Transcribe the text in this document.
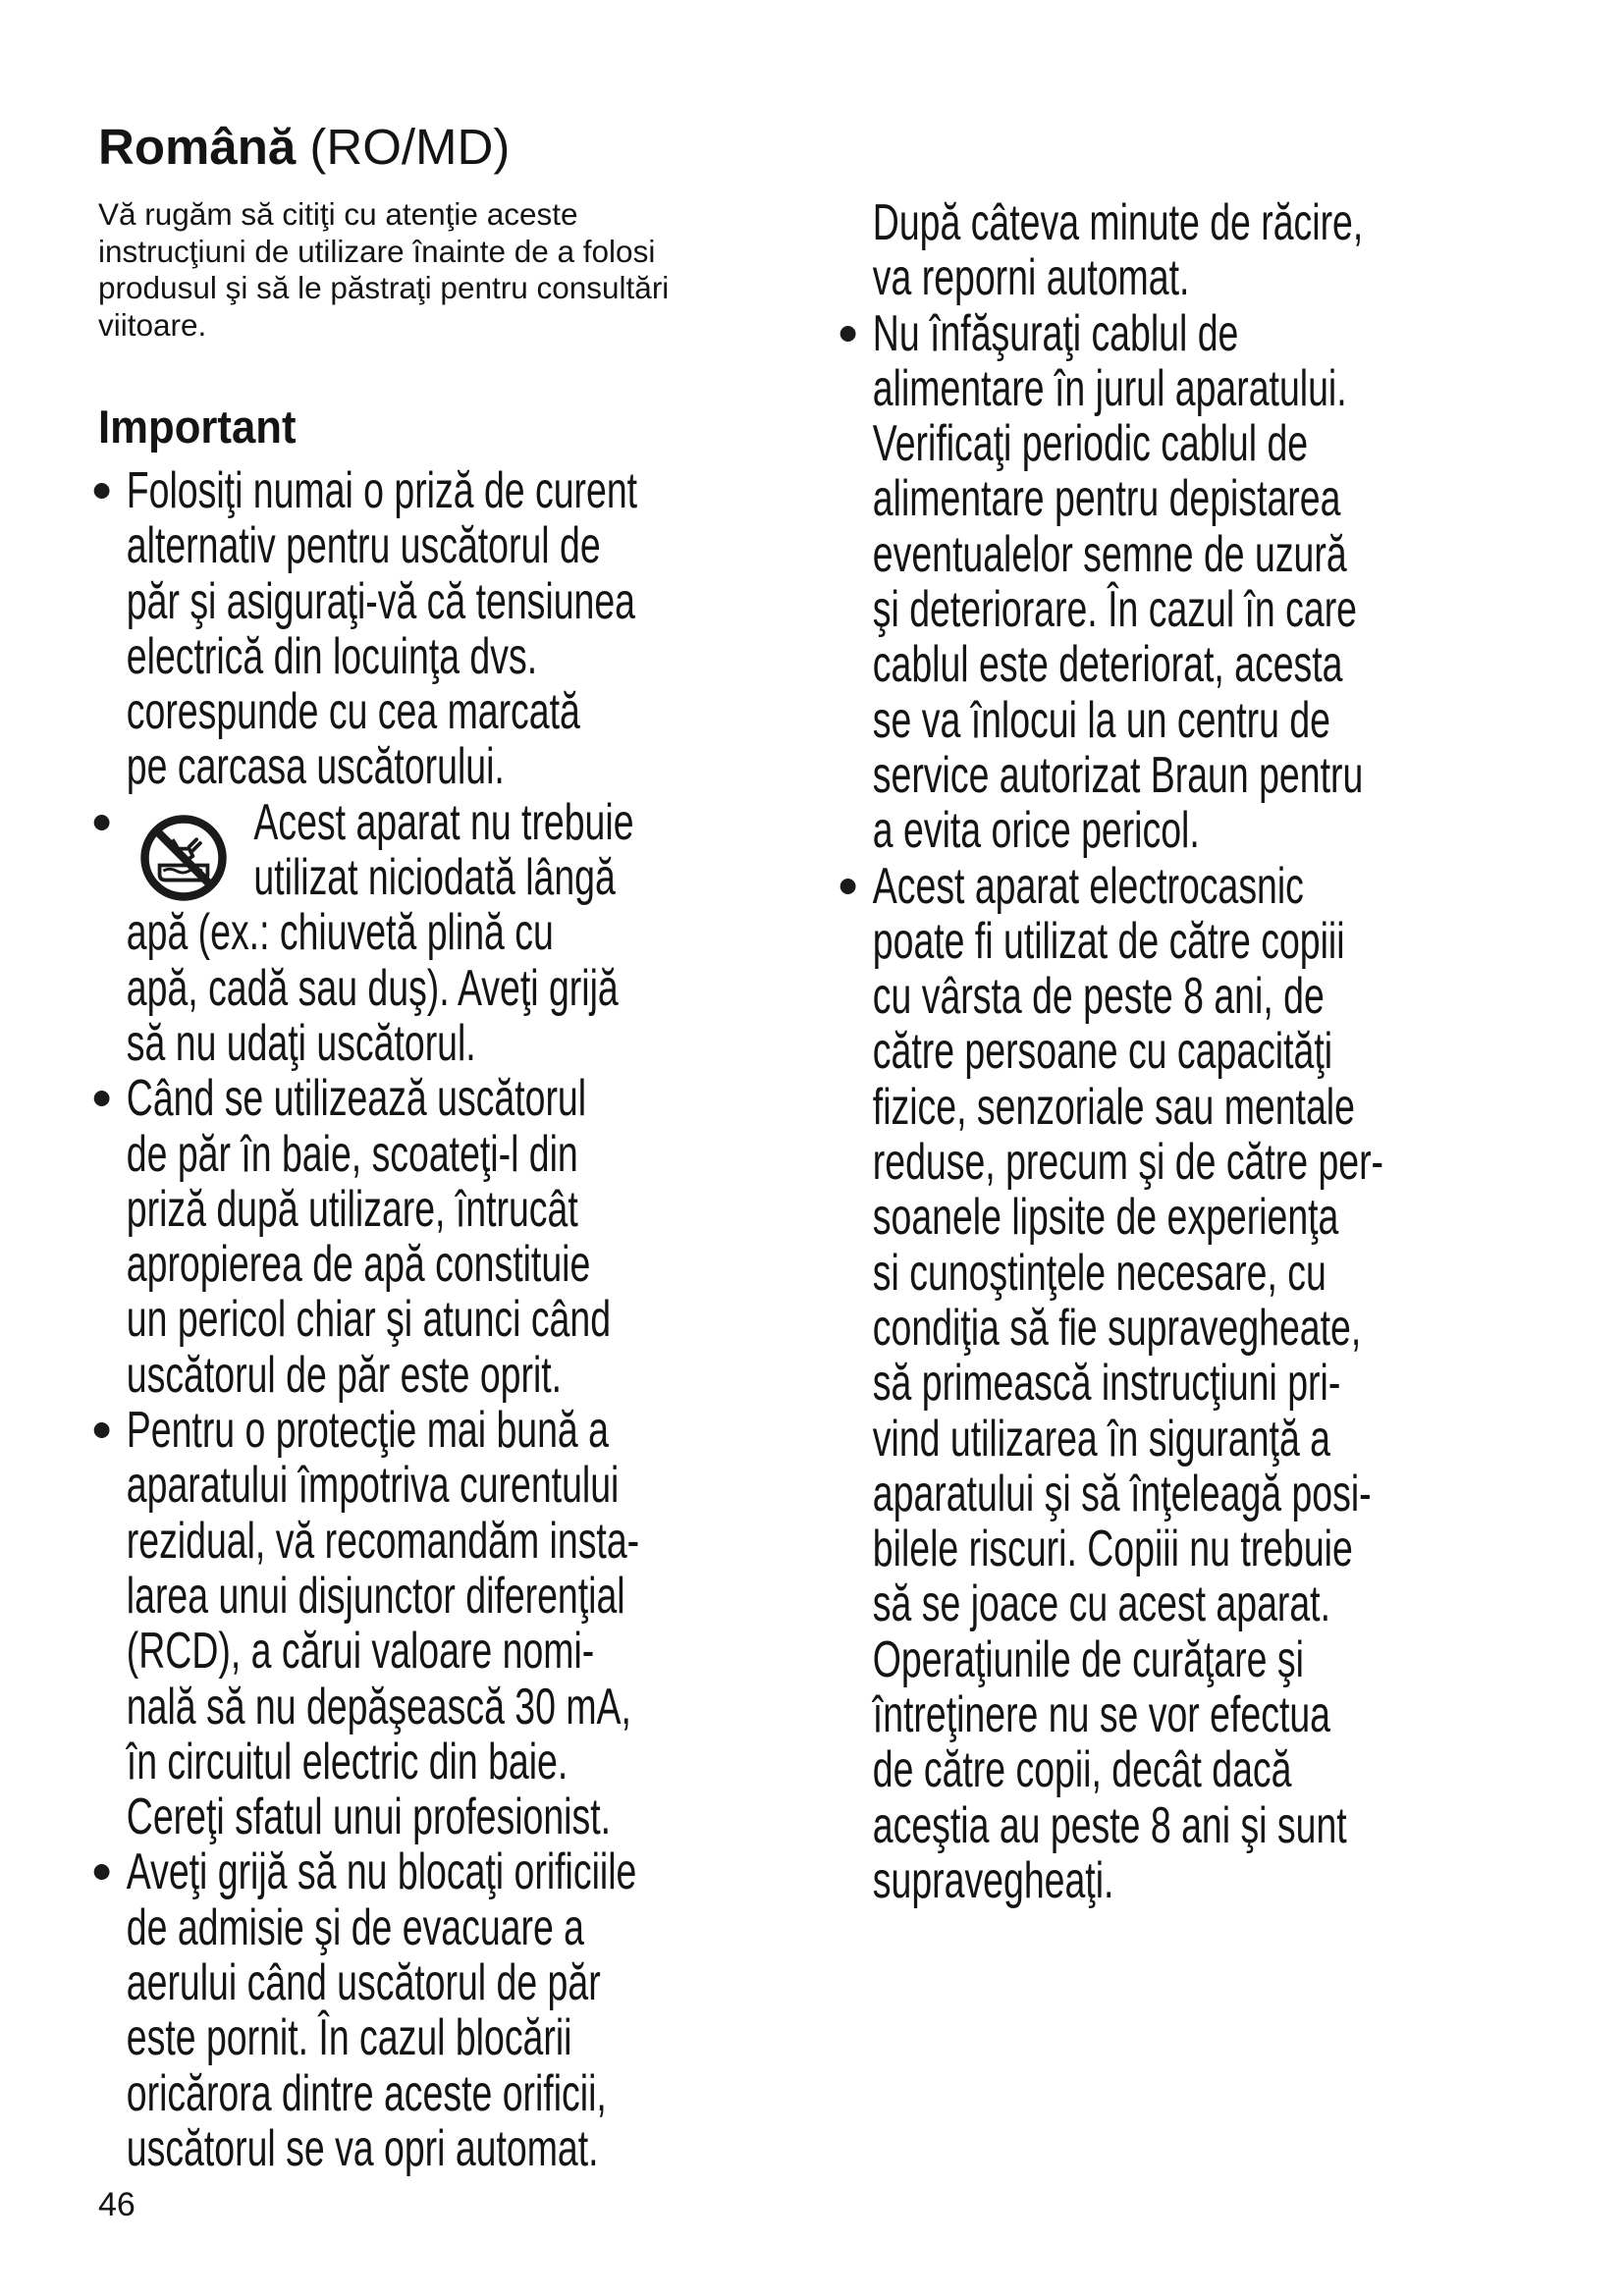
Română (RO/MD)

Vă rugăm să citiţi cu atenţie aceste
instrucţiuni de utilizare înainte de a folosi
produsul şi să le păstraţi pentru consultări
viitoare.

Important
Folosiţi numai o priză de curent
alternativ pentru uscătorul de
păr şi asiguraţi-vă că tensiunea
electrică din locuinţa dvs.
corespunde cu cea marcată
pe carcasa uscătorului.
Acest aparat nu trebuie
utilizat niciodată lângă
apă (ex.: chiuvetă plină cu
apă, cadă sau duş). Aveţi grijă
să nu udaţi uscătorul.
Când se utilizează uscătorul
de păr în baie, scoateţi-l din
priză după utilizare, întrucât
apropierea de apă constituie
un pericol chiar şi atunci când
uscătorul de păr este oprit.
Pentru o protecţie mai bună a
aparatului împotriva curentului
rezidual, vă recomandăm insta-
larea unui disjunctor diferenţial
(RCD), a cărui valoare nomi-
nală să nu depăşească 30 mA,
în circuitul electric din baie.
Cereţi sfatul unui profesionist.
Aveţi grijă să nu blocaţi orificiile
de admisie şi de evacuare a
aerului când uscătorul de păr
este pornit. În cazul blocării
oricărora dintre aceste orificii,
uscătorul se va opri automat.
După câteva minute de răcire,
va reporni automat.
Nu înfăşuraţi cablul de
alimentare în jurul aparatului.
Verificaţi periodic cablul de
alimentare pentru depistarea
eventualelor semne de uzură
şi deteriorare. În cazul în care
cablul este deteriorat, acesta
se va înlocui la un centru de
service autorizat Braun pentru
a evita orice pericol.
Acest aparat electrocasnic
poate fi utilizat de către copiii
cu vârsta de peste 8 ani, de
către persoane cu capacităţi
fizice, senzoriale sau mentale
reduse, precum şi de către per-
soanele lipsite de experienţa
si cunoştinţele necesare, cu
condiţia să fie supravegheate,
să primească instrucţiuni pri-
vind utilizarea în siguranţă a
aparatului şi să înţeleagă posi-
bilele riscuri. Copiii nu trebuie
să se joace cu acest aparat.
Operaţiunile de curăţare şi
întreţinere nu se vor efectua
de către copii, decât dacă
aceştia au peste 8 ani şi sunt
supravegheaţi.

46
